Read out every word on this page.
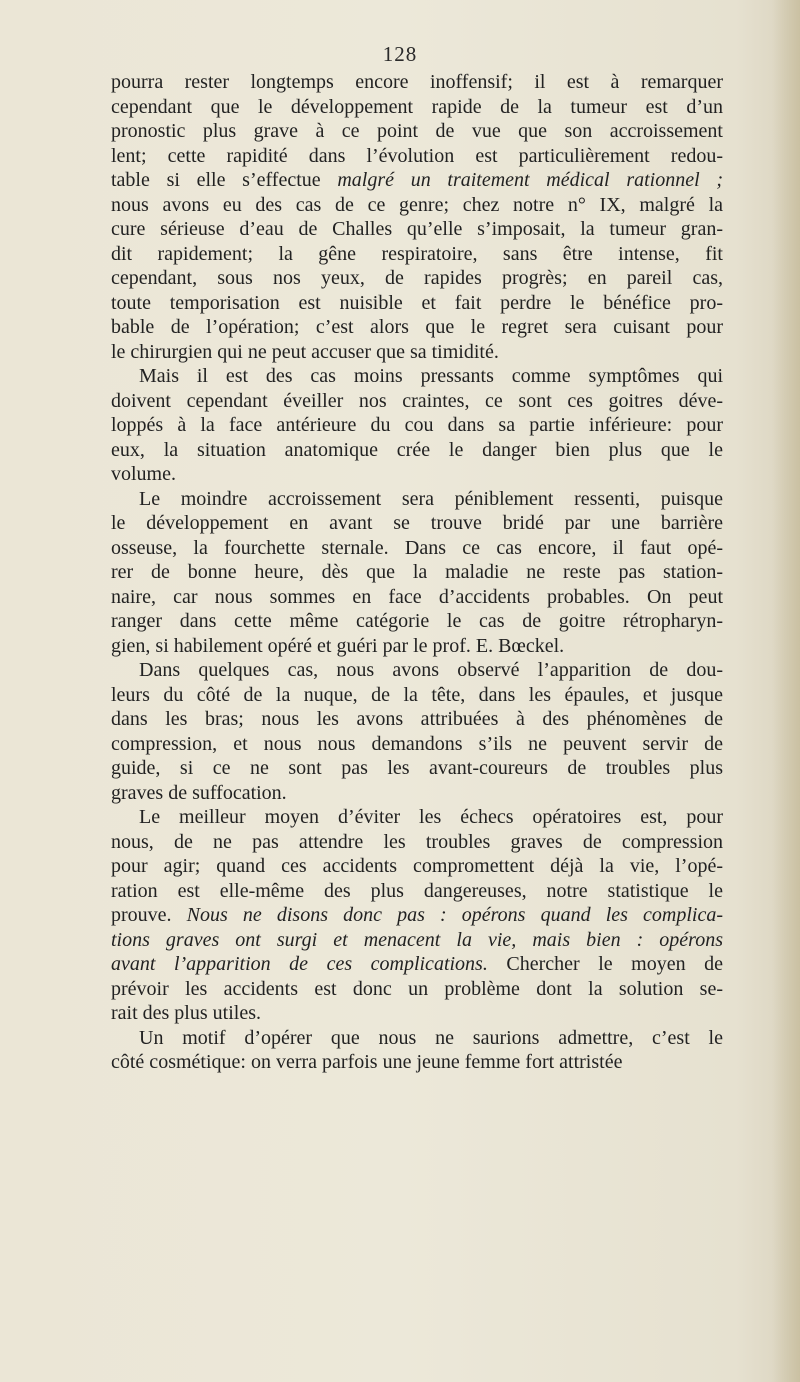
128

pourra rester longtemps encore inoffensif; il est à remarquer
cependant que le développement rapide de la tumeur est d’un
pronostic plus grave à ce point de vue que son accroissement
lent; cette rapidité dans l’évolution est particulièrement redou-
table si elle s’effectue malgré un traitement médical rationnel ;
nous avons eu des cas de ce genre; chez notre n° IX, malgré la
cure sérieuse d’eau de Challes qu’elle s’imposait, la tumeur gran-
dit rapidement; la gêne respiratoire, sans être intense, fit
cependant, sous nos yeux, de rapides progrès; en pareil cas,
toute temporisation est nuisible et fait perdre le bénéfice pro-
bable de l’opération; c’est alors que le regret sera cuisant pour
le chirurgien qui ne peut accuser que sa timidité.

Mais il est des cas moins pressants comme symptômes qui
doivent cependant éveiller nos craintes, ce sont ces goitres déve-
loppés à la face antérieure du cou dans sa partie inférieure: pour
eux, la situation anatomique crée le danger bien plus que le
volume.

Le moindre accroissement sera péniblement ressenti, puisque
le développement en avant se trouve bridé par une barrière
osseuse, la fourchette sternale. Dans ce cas encore, il faut opé-
rer de bonne heure, dès que la maladie ne reste pas station-
naire, car nous sommes en face d’accidents probables. On peut
ranger dans cette même catégorie le cas de goitre rétropharyn-
gien, si habilement opéré et guéri par le prof. E. Bœckel.

Dans quelques cas, nous avons observé l’apparition de dou-
leurs du côté de la nuque, de la tête, dans les épaules, et jusque
dans les bras; nous les avons attribuées à des phénomènes de
compression, et nous nous demandons s’ils ne peuvent servir de
guide, si ce ne sont pas les avant-coureurs de troubles plus
graves de suffocation.

Le meilleur moyen d’éviter les échecs opératoires est, pour
nous, de ne pas attendre les troubles graves de compression
pour agir; quand ces accidents compromettent déjà la vie, l’opé-
ration est elle-même des plus dangereuses, notre statistique le
prouve. Nous ne disons donc pas : opérons quand les complica-
tions graves ont surgi et menacent la vie, mais bien : opérons
avant l’apparition de ces complications. Chercher le moyen de
prévoir les accidents est donc un problème dont la solution se-
rait des plus utiles.

Un motif d’opérer que nous ne saurions admettre, c’est le
côté cosmétique: on verra parfois une jeune femme fort attristée
